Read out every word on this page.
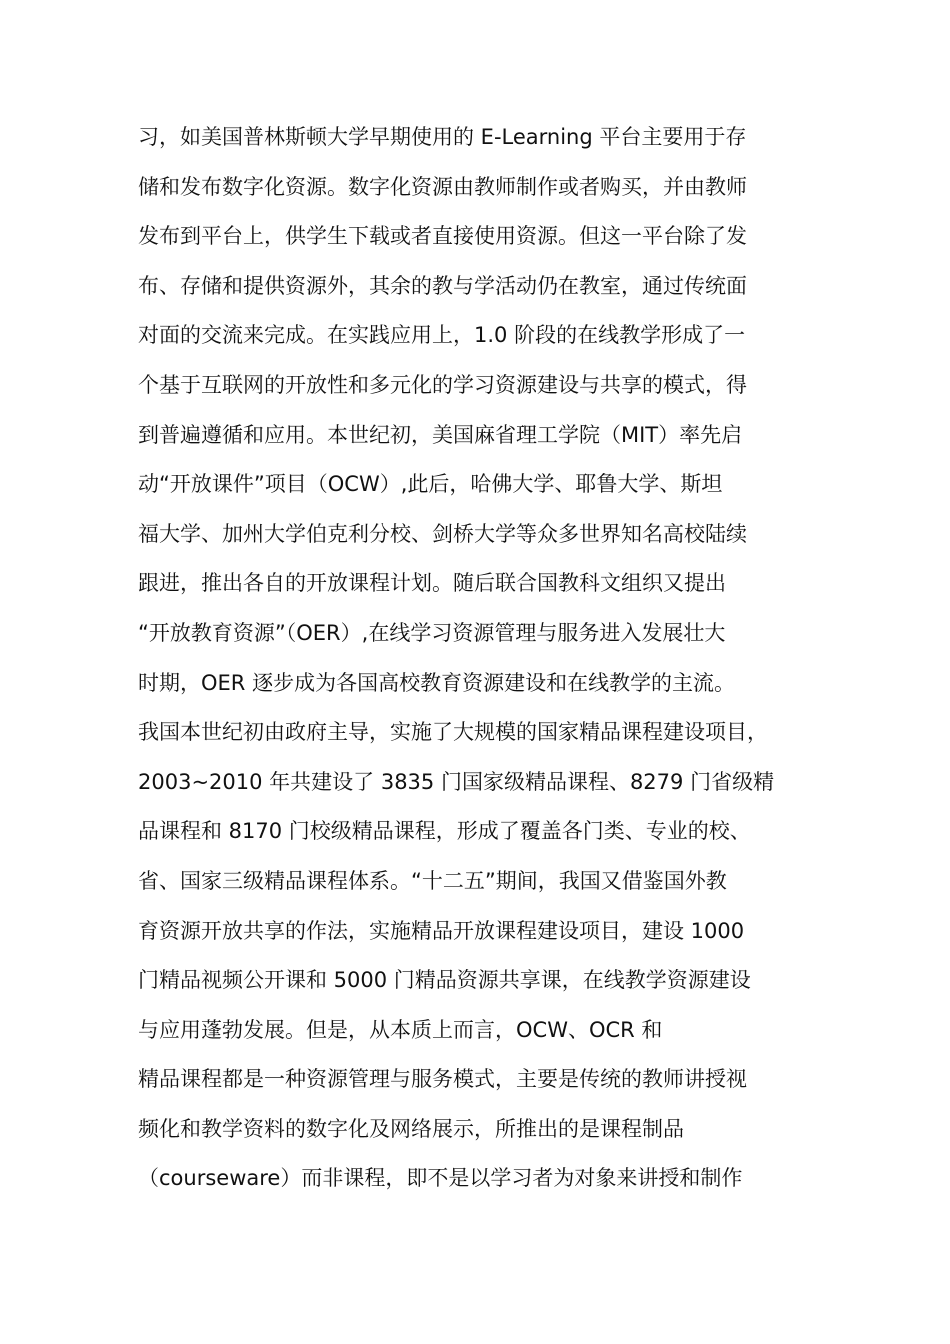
习，如美国普林斯顿大学早期使用的 E-Learning 平台主要用于存
储和发布数字化资源。数字化资源由教师制作或者购买，并由教师
发布到平台上，供学生下载或者直接使用资源。但这一平台除了发
布、存储和提供资源外，其余的教与学活动仍在教室，通过传统面
对面的交流来完成。在实践应用上，1.0 阶段的在线教学形成了一
个基于互联网的开放性和多元化的学习资源建设与共享的模式，得
到普遍遵循和应用。本世纪初，美国麻省理工学院（MIT）率先启
动“开放课件”项目（OCW）,此后，哈佛大学、耶鲁大学、斯坦
福大学、加州大学伯克利分校、剑桥大学等众多世界知名高校陆续
跟进，推出各自的开放课程计划。随后联合国教科文组织又提出
“开放教育资源”（OER）,在线学习资源管理与服务进入发展壮大
时期，OER 逐步成为各国高校教育资源建设和在线教学的主流。
我国本世纪初由政府主导，实施了大规模的国家精品课程建设项目，
2003~2010 年共建设了 3835 门国家级精品课程、8279 门省级精
品课程和 8170 门校级精品课程，形成了覆盖各门类、专业的校、
省、国家三级精品课程体系。“十二五”期间，我国又借鉴国外教
育资源开放共享的作法，实施精品开放课程建设项目，建设 1000
门精品视频公开课和 5000 门精品资源共享课，在线教学资源建设
与应用蓬勃发展。但是，从本质上而言，OCW、OCR 和
精品课程都是一种资源管理与服务模式，主要是传统的教师讲授视
频化和教学资料的数字化及网络展示，所推出的是课程制品
（courseware）而非课程，即不是以学习者为对象来讲授和制作
